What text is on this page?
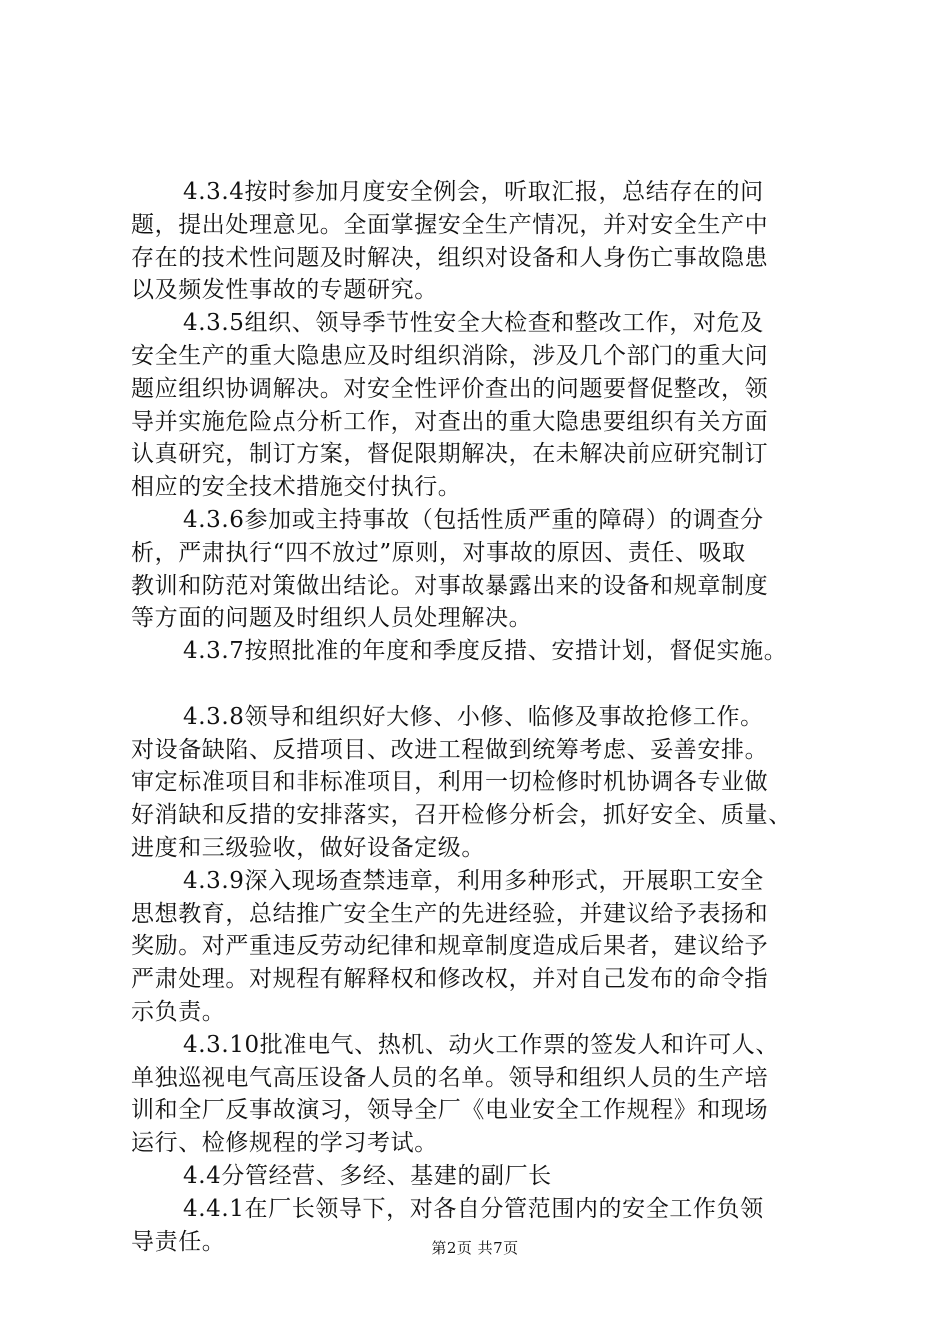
4.3.4按时参加月度安全例会，听取汇报，总结存在的问
题，提出处理意见。全面掌握安全生产情况，并对安全生产中
存在的技术性问题及时解决，组织对设备和人身伤亡事故隐患
以及频发性事故的专题研究。
4.3.5组织、领导季节性安全大检查和整改工作，对危及
安全生产的重大隐患应及时组织消除，涉及几个部门的重大问
题应组织协调解决。对安全性评价查出的问题要督促整改，领
导并实施危险点分析工作，对查出的重大隐患要组织有关方面
认真研究，制订方案，督促限期解决，在未解决前应研究制订
相应的安全技术措施交付执行。
4.3.6参加或主持事故（包括性质严重的障碍）的调查分
析，严肃执行“四不放过”原则，对事故的原因、责任、吸取
教训和防范对策做出结论。对事故暴露出来的设备和规章制度
等方面的问题及时组织人员处理解决。
4.3.7按照批准的年度和季度反措、安措计划，督促实施。
4.3.8领导和组织好大修、小修、临修及事故抢修工作。
对设备缺陷、反措项目、改进工程做到统筹考虑、妥善安排。
审定标准项目和非标准项目，利用一切检修时机协调各专业做
好消缺和反措的安排落实，召开检修分析会，抓好安全、质量、
进度和三级验收，做好设备定级。
4.3.9深入现场查禁违章，利用多种形式，开展职工安全
思想教育，总结推广安全生产的先进经验，并建议给予表扬和
奖励。对严重违反劳动纪律和规章制度造成后果者，建议给予
严肃处理。对规程有解释权和修改权，并对自己发布的命令指
示负责。
4.3.10批准电气、热机、动火工作票的签发人和许可人、
单独巡视电气高压设备人员的名单。领导和组织人员的生产培
训和全厂反事故演习，领导全厂《电业安全工作规程》和现场
运行、检修规程的学习考试。
4.4分管经营、多经、基建的副厂长
4.4.1在厂长领导下，对各自分管范围内的安全工作负领
导责任。	第2页 共7页
